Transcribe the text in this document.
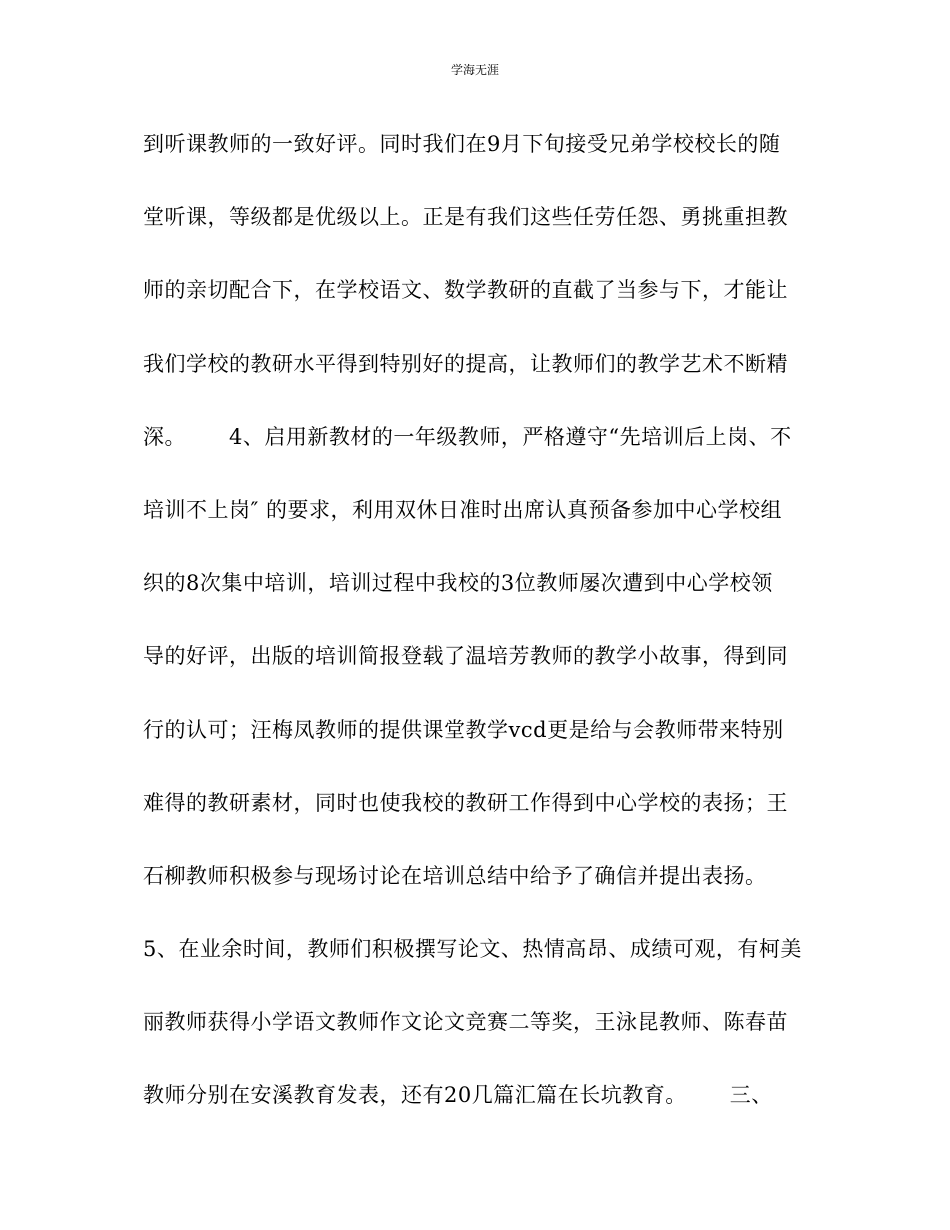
学海无涯
到听课教师的一致好评。同时我们在9月下旬接受兄弟学校校长的随
堂听课，等级都是优级以上。正是有我们这些任劳任怨、勇挑重担教
师的亲切配合下，在学校语文、数学教研的直截了当参与下，才能让
我们学校的教研水平得到特别好的提高，让教师们的教学艺术不断精
深。      4、启用新教材的一年级教师，严格遵守“先培训后上岗、不
培训不上岗″ 的要求，利用双休日准时出席认真预备参加中心学校组
织的8次集中培训，培训过程中我校的3位教师屡次遭到中心学校领
导的好评，出版的培训简报登载了温培芳教师的教学小故事，得到同
行的认可；汪梅凤教师的提供课堂教学vcd更是给与会教师带来特别
难得的教研素材，同时也使我校的教研工作得到中心学校的表扬；王
石柳教师积极参与现场讨论在培训总结中给予了确信并提出表扬。
5、在业余时间，教师们积极撰写论文、热情高昂、成绩可观，有柯美
丽教师获得小学语文教师作文论文竞赛二等奖，王泳昆教师、陈春苗
教师分别在安溪教育发表，还有20几篇汇篇在长坑教育。      三、
